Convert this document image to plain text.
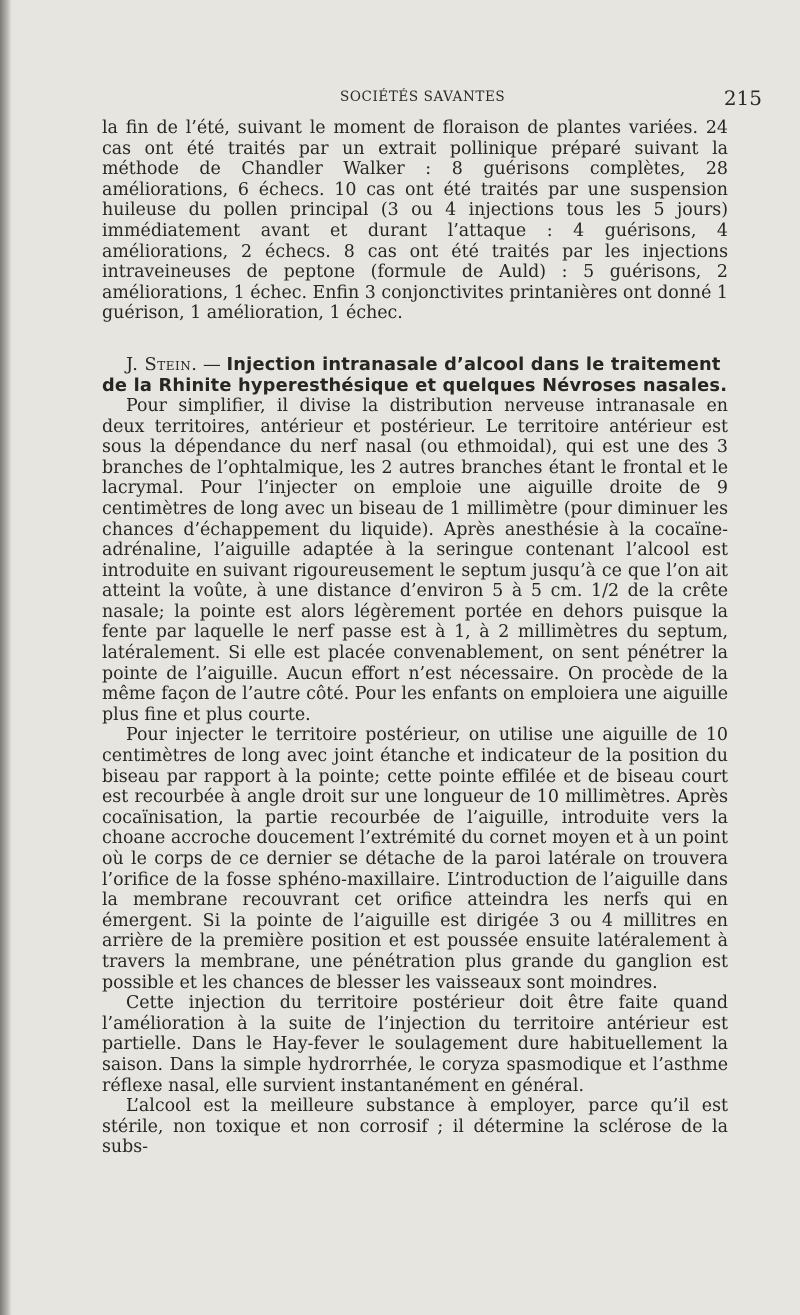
SOCIÉTÉS SAVANTES	215

la fin de l’été, suivant le moment de floraison de plantes variées. 24 cas ont été traités par un extrait pollinique préparé suivant la méthode de Chandler Walker : 8 guérisons complètes, 28 améliorations, 6 échecs. 10 cas ont été traités par une suspension huileuse du pollen principal (3 ou 4 injections tous les 5 jours) immédiatement avant et durant l’attaque : 4 guérisons, 4 améliorations, 2 échecs. 8 cas ont été traités par les injections intraveineuses de peptone (formule de Auld) : 5 guérisons, 2 améliorations, 1 échec. Enfin 3 conjonctivites printanières ont donné 1 guérison, 1 amélioration, 1 échec.

J. Stein. — Injection intranasale d’alcool dans le traitement de la Rhinite hyperesthésique et quelques Névroses nasales.

Pour simplifier, il divise la distribution nerveuse intranasale en deux territoires, antérieur et postérieur. Le territoire antérieur est sous la dépendance du nerf nasal (ou ethmoidal), qui est une des 3 branches de l’ophtalmique, les 2 autres branches étant le frontal et le lacrymal. Pour l’injecter on emploie une aiguille droite de 9 centimètres de long avec un biseau de 1 millimètre (pour diminuer les chances d’échappement du liquide). Après anesthésie à la cocaïne-adrénaline, l’aiguille adaptée à la seringue contenant l’alcool est introduite en suivant rigoureusement le septum jusqu’à ce que l’on ait atteint la voûte, à une distance d’environ 5 à 5 cm. 1/2 de la crête nasale; la pointe est alors légèrement portée en dehors puisque la fente par laquelle le nerf passe est à 1, à 2 millimètres du septum, latéralement. Si elle est placée convenablement, on sent pénétrer la pointe de l’aiguille. Aucun effort n’est nécessaire. On procède de la même façon de l’autre côté. Pour les enfants on emploiera une aiguille plus fine et plus courte.

Pour injecter le territoire postérieur, on utilise une aiguille de 10 centimètres de long avec joint étanche et indicateur de la position du biseau par rapport à la pointe; cette pointe effilée et de biseau court est recourbée à angle droit sur une longueur de 10 millimètres. Après cocaïnisation, la partie recourbée de l’aiguille, introduite vers la choane accroche doucement l’extrémité du cornet moyen et à un point où le corps de ce dernier se détache de la paroi latérale on trouvera l’orifice de la fosse sphéno-maxillaire. L’introduction de l’aiguille dans la membrane recouvrant cet orifice atteindra les nerfs qui en émergent. Si la pointe de l’aiguille est dirigée 3 ou 4 millitres en arrière de la première position et est poussée ensuite latéralement à travers la membrane, une pénétration plus grande du ganglion est possible et les chances de blesser les vaisseaux sont moindres.

Cette injection du territoire postérieur doit être faite quand l’amélioration à la suite de l’injection du territoire antérieur est partielle. Dans le Hay-fever le soulagement dure habituellement la saison. Dans la simple hydrorrhée, le coryza spasmodique et l’asthme réflexe nasal, elle survient instantanément en général.

L’alcool est la meilleure substance à employer, parce qu’il est stérile, non toxique et non corrosif ; il détermine la sclérose de la subs-
